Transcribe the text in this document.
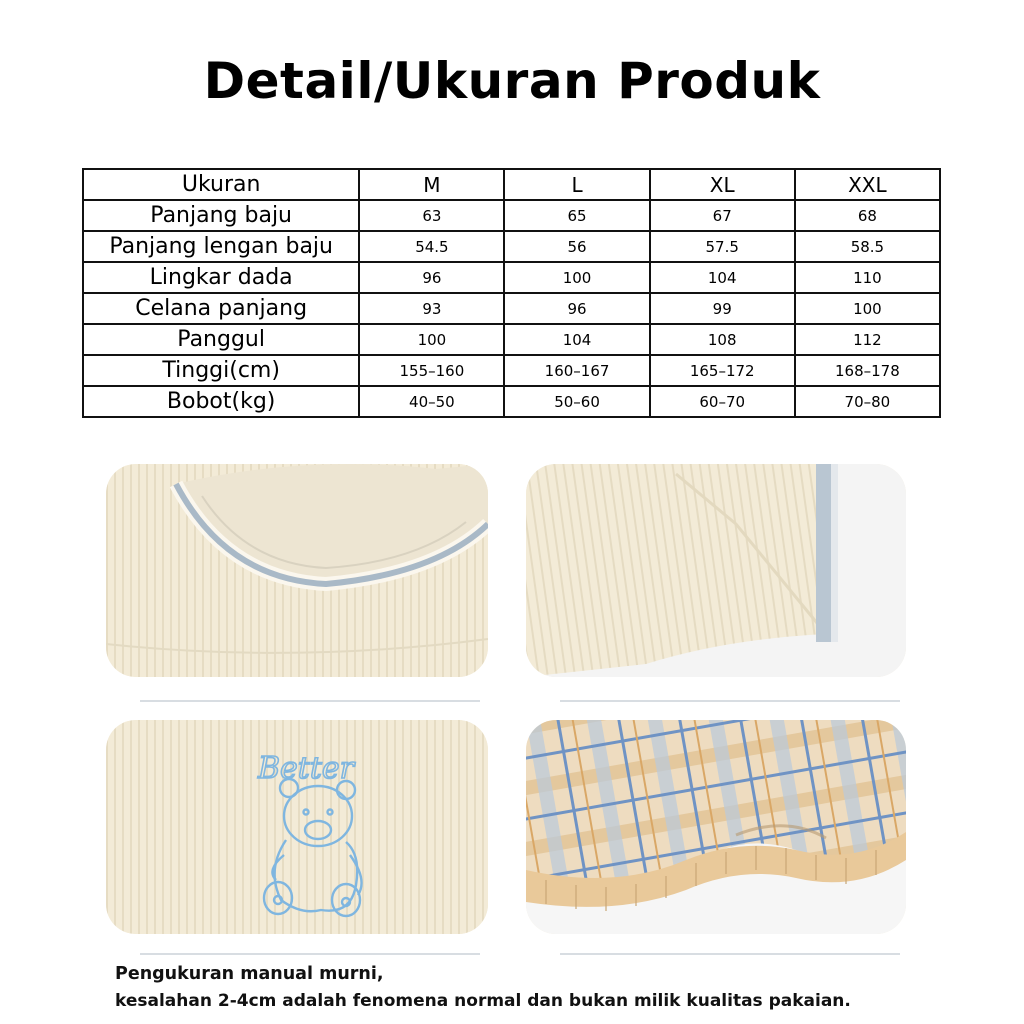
Detail/Ukuran Produk
Ukuran	M	L	XL	XXL
Panjang baju	63	65	67	68
Panjang lengan baju	54.5	56	57.5	58.5
Lingkar dada	96	100	104	110
Celana panjang	93	96	99	100
Panggul	100	104	108	112
Tinggi(cm)	155–160	160–167	165–172	168–178
Bobot(kg)	40–50	50–60	60–70	70–80
Better
Pengukuran manual murni,
kesalahan 2-4cm adalah fenomena normal dan bukan milik kualitas pakaian.
